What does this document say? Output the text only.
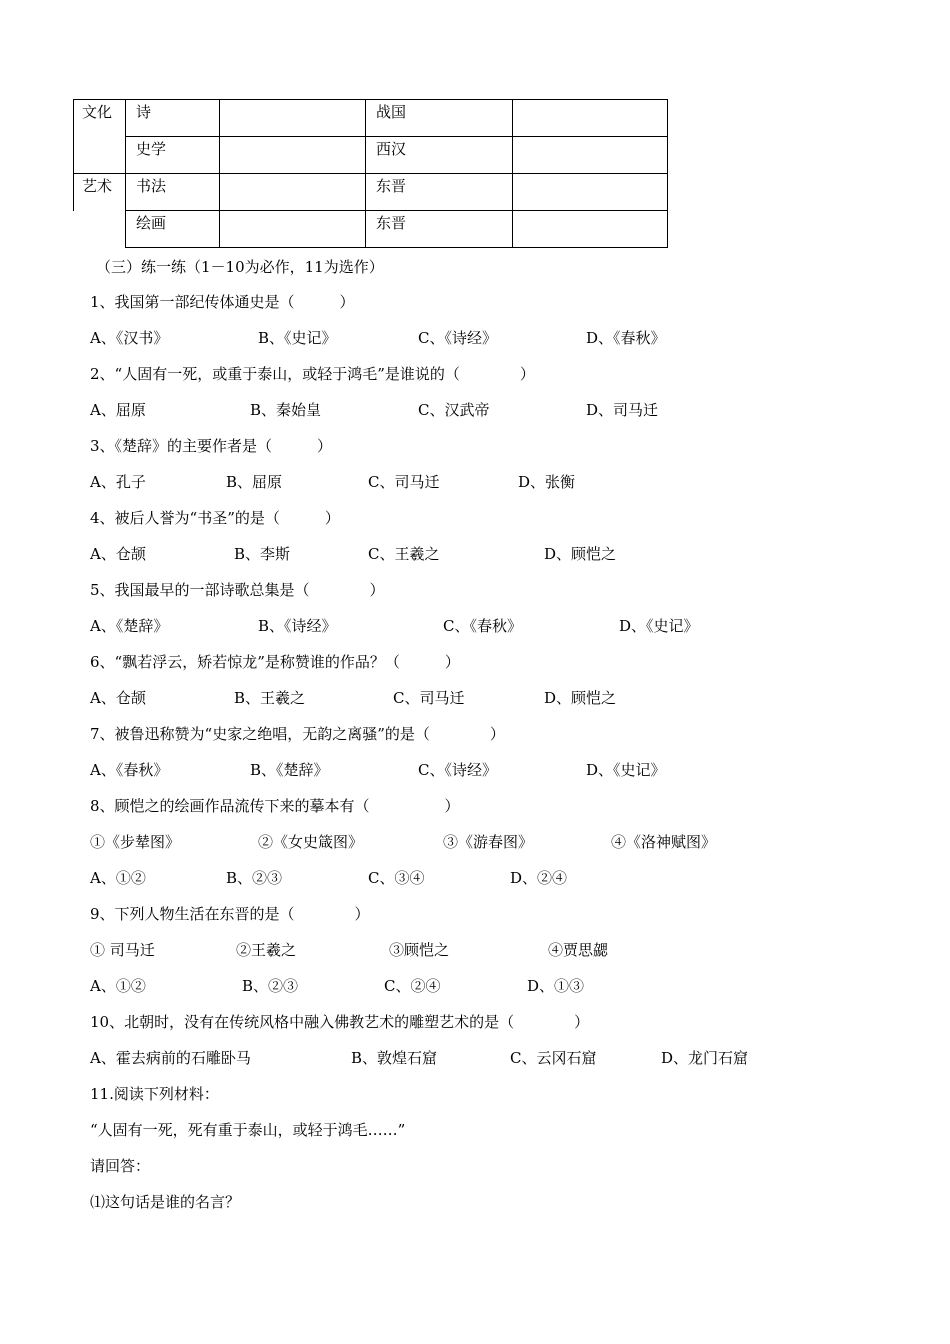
文化	诗		战国	
	史学		西汉	
艺术	书法		东晋	
	绘画		东晋	
（三）练一练（1－10为必作，11为选作）
1、我国第一部纪传体通史是（　　　）
A、《汉书》	B、《史记》	C、《诗经》	D、《春秋》
2、“人固有一死，或重于泰山，或轻于鸿毛”是谁说的（　　　　）
A、屈原	B、秦始皇	C、汉武帝	D、司马迁
3、《楚辞》的主要作者是（　　　）
A、孔子	B、屈原	C、司马迁	D、张衡
4、被后人誉为“书圣”的是（　　　）
A、仓颉	B、李斯	C、王羲之	D、顾恺之
5、我国最早的一部诗歌总集是（　　　　）
A、《楚辞》	B、《诗经》	C、《春秋》	D、《史记》
6、“飘若浮云，矫若惊龙”是称赞谁的作品？（　　　）
A、仓颉	B、王羲之	C、司马迁	D、顾恺之
7、被鲁迅称赞为“史家之绝唱，无韵之离骚”的是（　　　　）
A、《春秋》	B、《楚辞》	C、《诗经》	D、《史记》
8、顾恺之的绘画作品流传下来的摹本有（　　　　　）
①《步辇图》	②《女史箴图》	③《游春图》	④《洛神赋图》
A、①②	B、②③	C、③④	D、②④
9、下列人物生活在东晋的是（　　　　）
① 司马迁	②王羲之	③顾恺之	④贾思勰
A、①②	B、②③	C、②④	D、①③
10、北朝时，没有在传统风格中融入佛教艺术的雕塑艺术的是（　　　　）
A、霍去病前的石雕卧马	B、敦煌石窟	C、云冈石窟	D、龙门石窟
11.阅读下列材料：
“人固有一死，死有重于泰山，或轻于鸿毛……”
请回答：
⑴这句话是谁的名言？
